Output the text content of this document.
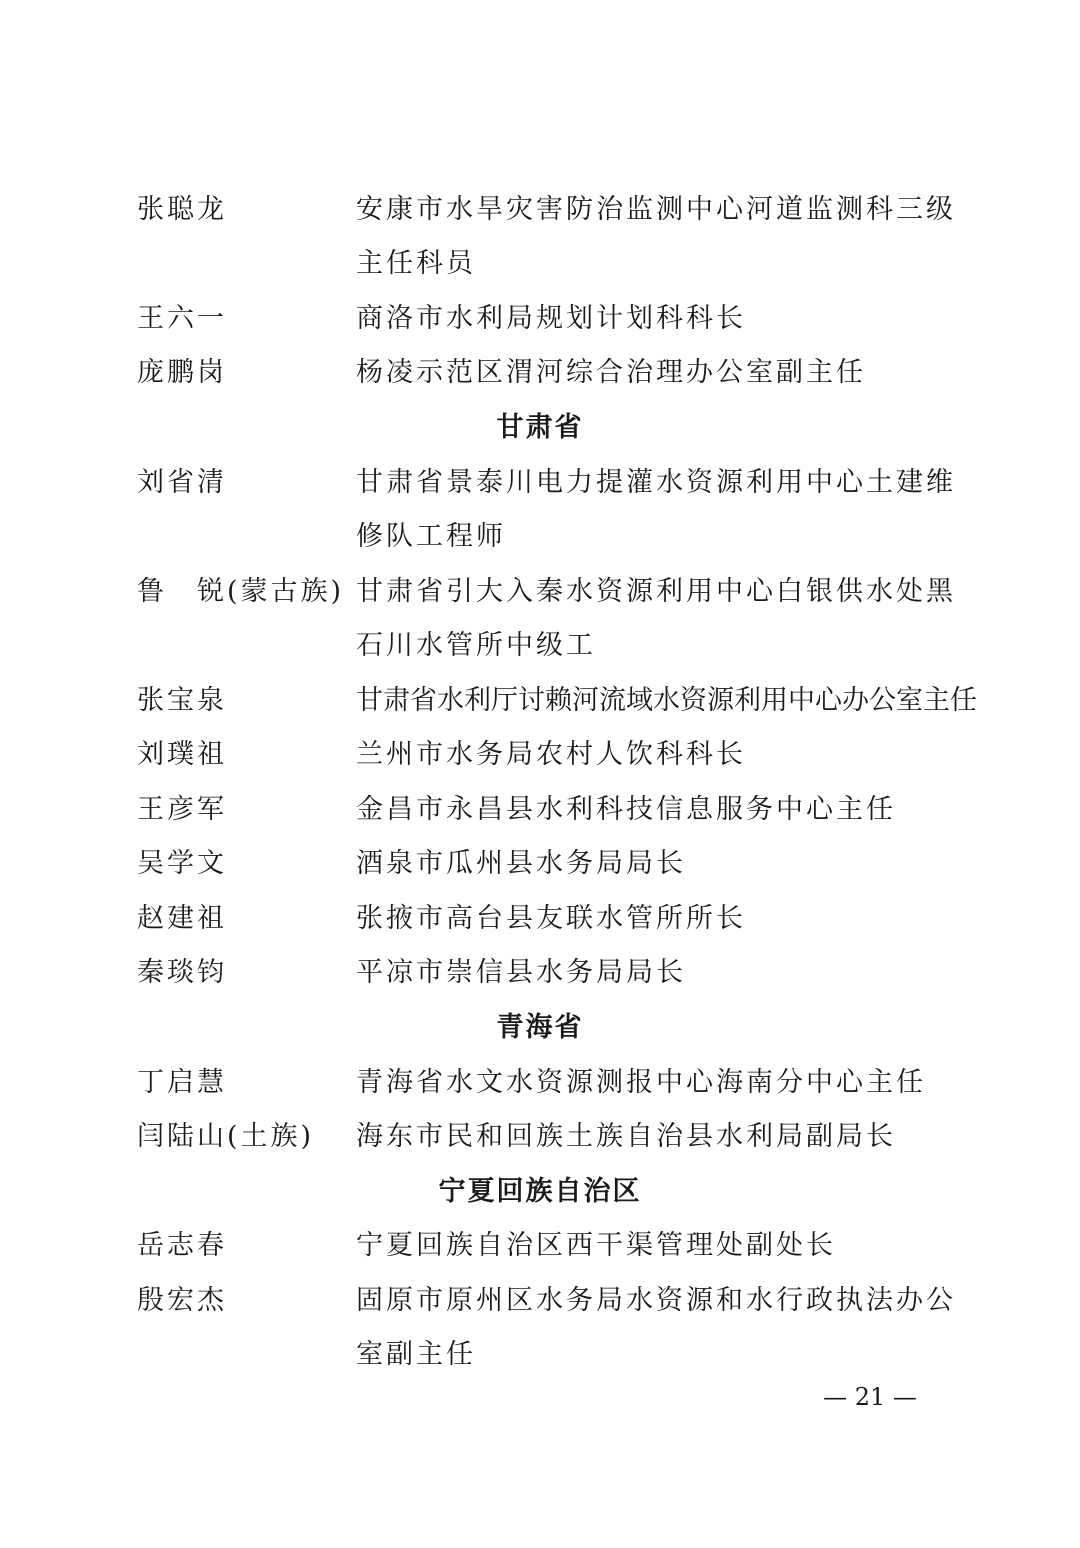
张聪龙	安康市水旱灾害防治监测中心河道监测科三级
主任科员
王六一	商洛市水利局规划计划科科长
庞鹏岗	杨凌示范区渭河综合治理办公室副主任
甘肃省
刘省清	甘肃省景泰川电力提灌水资源利用中心土建维
修队工程师
鲁　锐(蒙古族) 甘肃省引大入秦水资源利用中心白银供水处黑
石川水管所中级工
张宝泉	甘肃省水利厅讨赖河流域水资源利用中心办公室主任
刘璞祖	兰州市水务局农村人饮科科长
王彦军	金昌市永昌县水利科技信息服务中心主任
吴学文	酒泉市瓜州县水务局局长
赵建祖	张掖市高台县友联水管所所长
秦琰钧	平凉市崇信县水务局局长
青海省
丁启慧	青海省水文水资源测报中心海南分中心主任
闫陆山(土族) 海东市民和回族土族自治县水利局副局长
宁夏回族自治区
岳志春	宁夏回族自治区西干渠管理处副处长
殷宏杰	固原市原州区水务局水资源和水行政执法办公
室副主任
— 21 —
